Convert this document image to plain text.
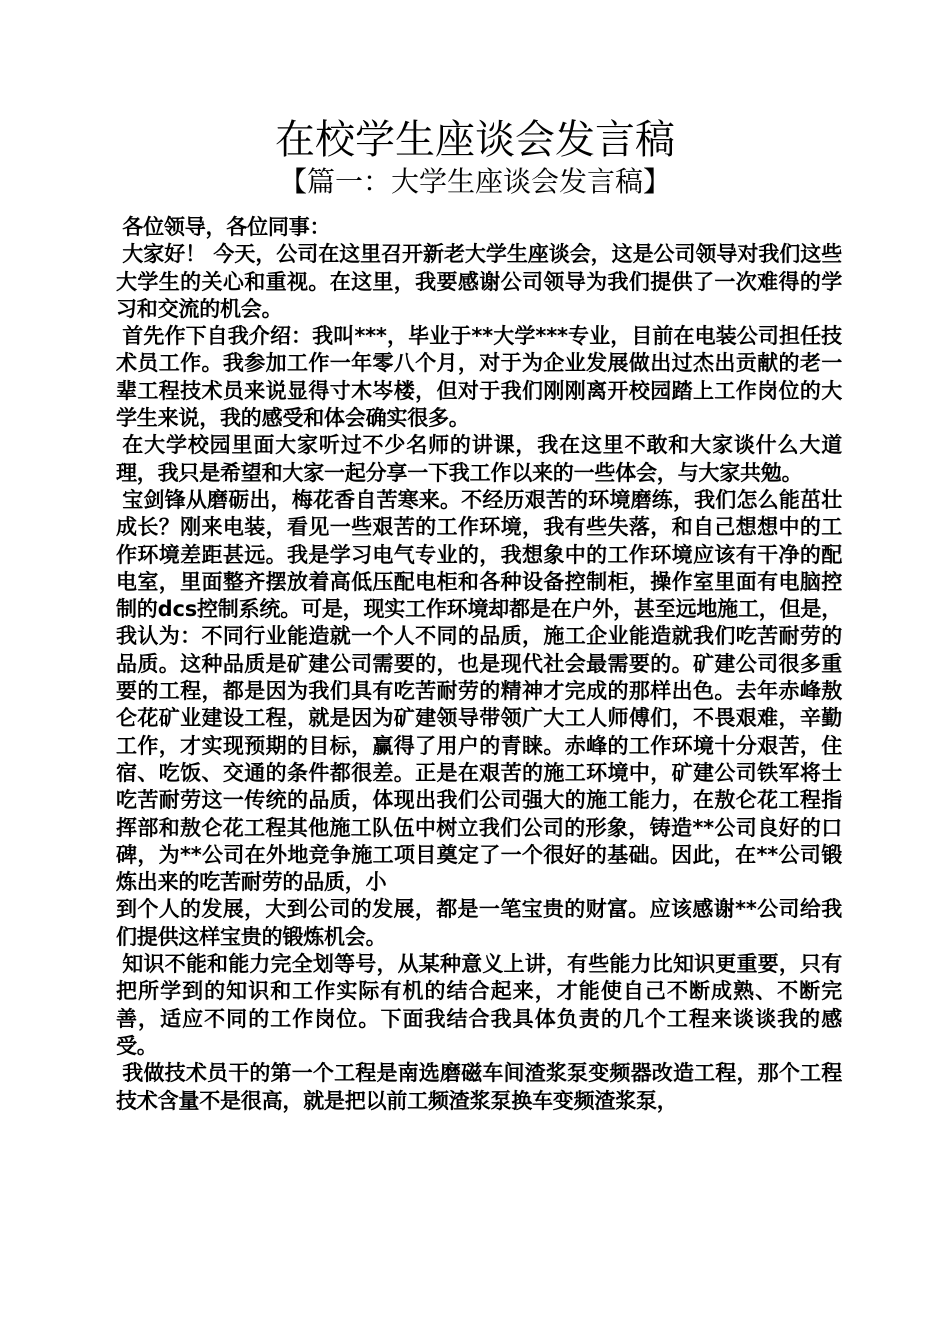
在校学生座谈会发言稿
【篇一：大学生座谈会发言稿】

各位领导，各位同事：

大家好！ 今天，公司在这里召开新老大学生座谈会，这是公司领导对我们这些大学生的关心和重视。在这里，我要感谢公司领导为我们提供了一次难得的学习和交流的机会。

首先作下自我介绍：我叫***，毕业于**大学***专业，目前在电装公司担任技术员工作。我参加工作一年零八个月，对于为企业发展做出过杰出贡献的老一辈工程技术员来说显得寸木岑楼，但对于我们刚刚离开校园踏上工作岗位的大学生来说，我的感受和体会确实很多。

在大学校园里面大家听过不少名师的讲课，我在这里不敢和大家谈什么大道理，我只是希望和大家一起分享一下我工作以来的一些体会，与大家共勉。

宝剑锋从磨砺出，梅花香自苦寒来。不经历艰苦的环境磨练，我们怎么能茁壮成长？刚来电装，看见一些艰苦的工作环境，我有些失落，和自己想想中的工作环境差距甚远。我是学习电气专业的，我想象中的工作环境应该有干净的配电室，里面整齐摆放着高低压配电柜和各种设备控制柜，操作室里面有电脑控制的dcs控制系统。可是，现实工作环境却都是在户外，甚至远地施工，但是，我认为：不同行业能造就一个人不同的品质，施工企业能造就我们吃苦耐劳的品质。这种品质是矿建公司需要的，也是现代社会最需要的。矿建公司很多重要的工程，都是因为我们具有吃苦耐劳的精神才完成的那样出色。去年赤峰敖仑花矿业建设工程，就是因为矿建领导带领广大工人师傅们，不畏艰难，辛勤工作，才实现预期的目标，赢得了用户的青睐。赤峰的工作环境十分艰苦，住宿、吃饭、交通的条件都很差。正是在艰苦的施工环境中，矿建公司铁军将士吃苦耐劳这一传统的品质，体现出我们公司强大的施工能力，在敖仑花工程指挥部和敖仑花工程其他施工队伍中树立我们公司的形象，铸造**公司良好的口碑，为**公司在外地竞争施工项目奠定了一个很好的基础。因此，在**公司锻炼出来的吃苦耐劳的品质，小

到个人的发展，大到公司的发展，都是一笔宝贵的财富。应该感谢**公司给我们提供这样宝贵的锻炼机会。

知识不能和能力完全划等号，从某种意义上讲，有些能力比知识更重要，只有把所学到的知识和工作实际有机的结合起来，才能使自己不断成熟、不断完善，适应不同的工作岗位。下面我结合我具体负责的几个工程来谈谈我的感受。

我做技术员干的第一个工程是南选磨磁车间渣浆泵变频器改造工程，那个工程技术含量不是很高，就是把以前工频渣浆泵换车变频渣浆泵，
